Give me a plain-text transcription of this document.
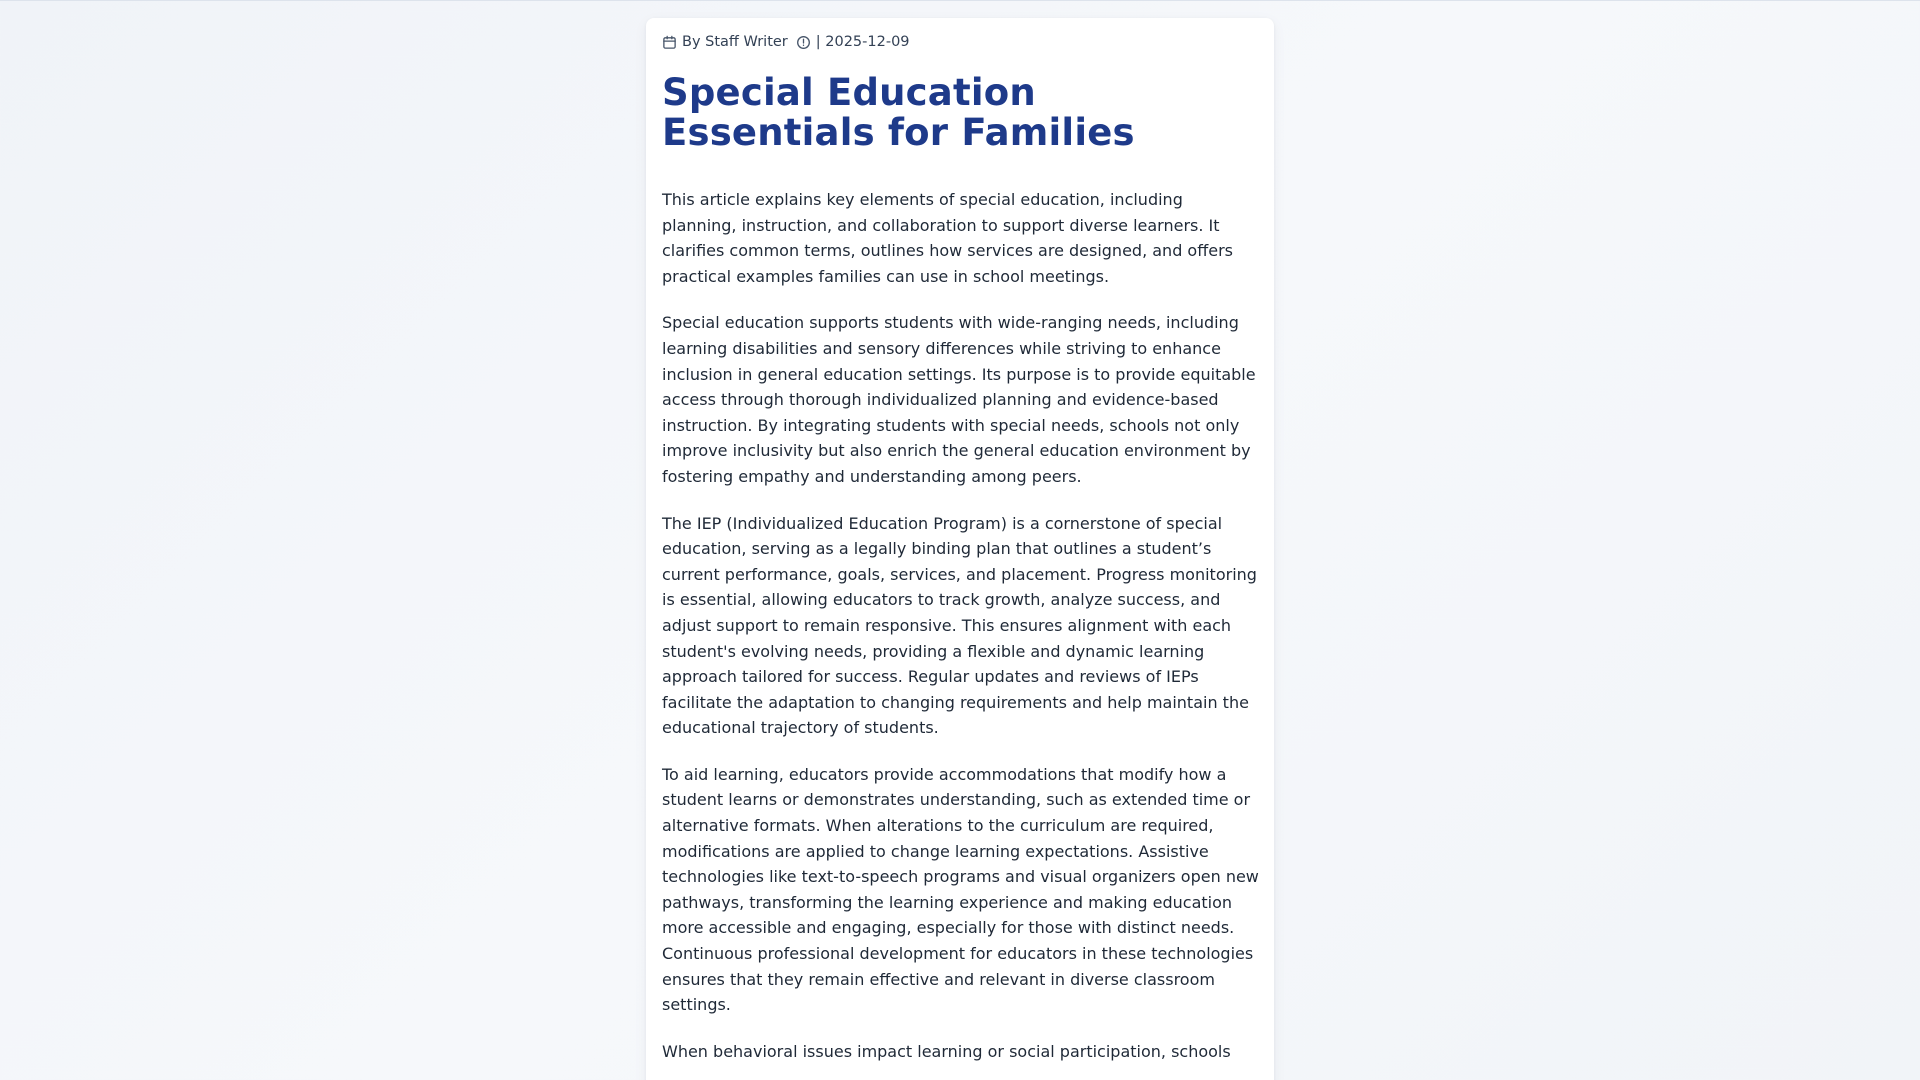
By Staff Writer | 2025-12-09
Special Education Essentials for Families

This article explains key elements of special education, including planning, instruction, and collaboration to support diverse learners. It clarifies common terms, outlines how services are designed, and offers practical examples families can use in school meetings.

Special education supports students with wide-ranging needs, including learning disabilities and sensory differences while striving to enhance inclusion in general education settings. Its purpose is to provide equitable access through thorough individualized planning and evidence-based instruction. By integrating students with special needs, schools not only improve inclusivity but also enrich the general education environment by fostering empathy and understanding among peers.

The IEP (Individualized Education Program) is a cornerstone of special education, serving as a legally binding plan that outlines a student’s current performance, goals, services, and placement. Progress monitoring is essential, allowing educators to track growth, analyze success, and adjust support to remain responsive. This ensures alignment with each student's evolving needs, providing a flexible and dynamic learning approach tailored for success. Regular updates and reviews of IEPs facilitate the adaptation to changing requirements and help maintain the educational trajectory of students.

To aid learning, educators provide accommodations that modify how a student learns or demonstrates understanding, such as extended time or alternative formats. When alterations to the curriculum are required, modifications are applied to change learning expectations. Assistive technologies like text-to-speech programs and visual organizers open new pathways, transforming the learning experience and making education more accessible and engaging, especially for those with distinct needs. Continuous professional development for educators in these technologies ensures that they remain effective and relevant in diverse classroom settings.

When behavioral issues impact learning or social participation, schools
